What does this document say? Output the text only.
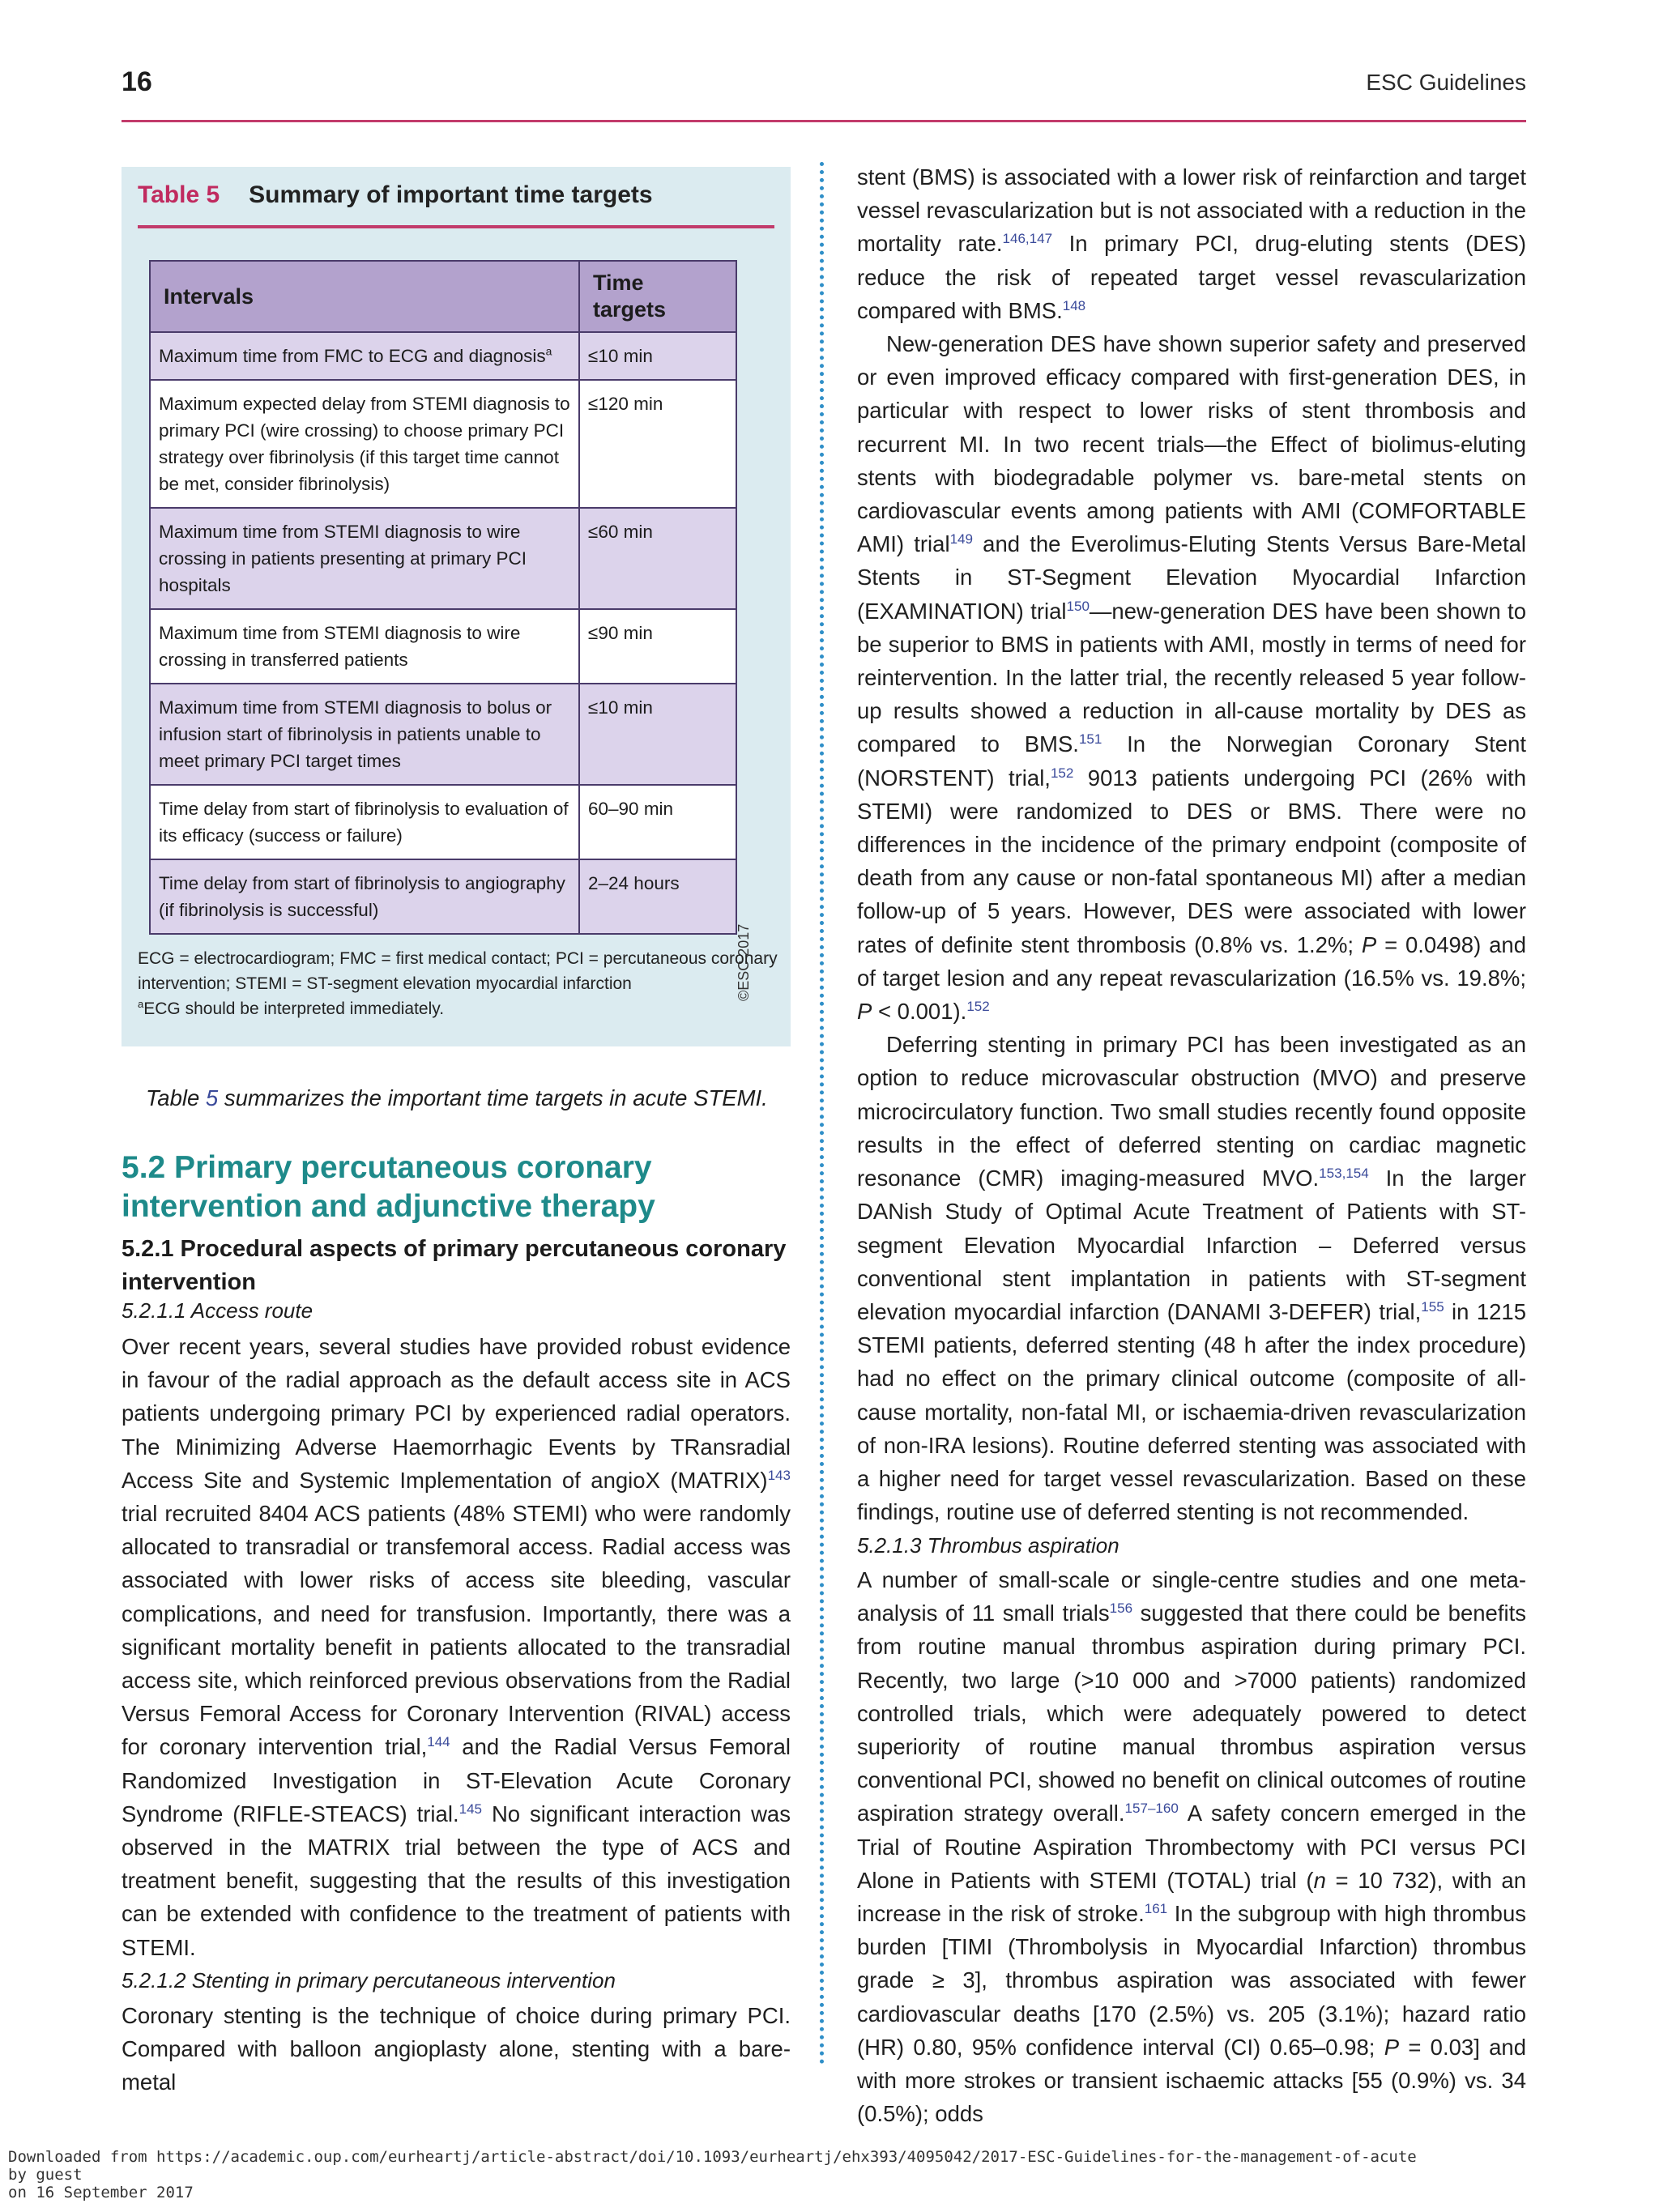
16	ESC Guidelines
Table 5 Summary of important time targets
Intervals	Time targets
Maximum time from FMC to ECG and diagnosis$^a$	≤10 min
Maximum expected delay from STEMI diagnosis to primary PCI (wire crossing) to choose primary PCI strategy over fibrinolysis (if this target time cannot be met, consider fibrinolysis)	≤120 min
Maximum time from STEMI diagnosis to wire crossing in patients presenting at primary PCI hospitals	≤60 min
Maximum time from STEMI diagnosis to wire crossing in transferred patients	≤90 min
Maximum time from STEMI diagnosis to bolus or infusion start of fibrinolysis in patients unable to meet primary PCI target times	≤10 min
Time delay from start of fibrinolysis to evaluation of its efficacy (success or failure)	60–90 min
Time delay from start of fibrinolysis to angiography (if fibrinolysis is successful)	2–24 hours
©ESC 2017

ECG = electrocardiogram; FMC = first medical contact; PCI = percutaneous coronary intervention; STEMI = ST-segment elevation myocardial infarction

$^a$ECG should be interpreted immediately.

Table 5 summarizes the important time targets in acute STEMI.
5.2 Primary percutaneous coronary intervention and adjunctive therapy
5.2.1 Procedural aspects of primary percutaneous coronary intervention
5.2.1.1 Access route

Over recent years, several studies have provided robust evidence in favour of the radial approach as the default access site in ACS patients undergoing primary PCI by experienced radial operators. The Minimizing Adverse Haemorrhagic Events by TRansradial Access Site and Systemic Implementation of angioX (MATRIX)$^{143}$ trial recruited 8404 ACS patients (48% STEMI) who were randomly allocated to transradial or transfemoral access. Radial access was associated with lower risks of access site bleeding, vascular complications, and need for transfusion. Importantly, there was a significant mortality benefit in patients allocated to the transradial access site, which reinforced previous observations from the Radial Versus Femoral Access for Coronary Intervention (RIVAL) access for coronary intervention trial,$^{144}$ and the Radial Versus Femoral Randomized Investigation in ST-Elevation Acute Coronary Syndrome (RIFLE-STEACS) trial.$^{145}$ No significant interaction was observed in the MATRIX trial between the type of ACS and treatment benefit, suggesting that the results of this investigation can be extended with confidence to the treatment of patients with STEMI.

5.2.1.2 Stenting in primary percutaneous intervention

Coronary stenting is the technique of choice during primary PCI. Compared with balloon angioplasty alone, stenting with a bare-metal

stent (BMS) is associated with a lower risk of reinfarction and target vessel revascularization but is not associated with a reduction in the mortality rate.$^{146,147}$ In primary PCI, drug-eluting stents (DES) reduce the risk of repeated target vessel revascularization compared with BMS.$^{148}$

New-generation DES have shown superior safety and preserved or even improved efficacy compared with first-generation DES, in particular with respect to lower risks of stent thrombosis and recurrent MI. In two recent trials—the Effect of biolimus-eluting stents with biodegradable polymer vs. bare-metal stents on cardiovascular events among patients with AMI (COMFORTABLE AMI) trial$^{149}$ and the Everolimus-Eluting Stents Versus Bare-Metal Stents in ST-Segment Elevation Myocardial Infarction (EXAMINATION) trial$^{150}$—new-generation DES have been shown to be superior to BMS in patients with AMI, mostly in terms of need for reintervention. In the latter trial, the recently released 5 year follow-up results showed a reduction in all-cause mortality by DES as compared to BMS.$^{151}$ In the Norwegian Coronary Stent (NORSTENT) trial,$^{152}$ 9013 patients undergoing PCI (26% with STEMI) were randomized to DES or BMS. There were no differences in the incidence of the primary endpoint (composite of death from any cause or non-fatal spontaneous MI) after a median follow-up of 5 years. However, DES were associated with lower rates of definite stent thrombosis (0.8% vs. 1.2%; P = 0.0498) and of target lesion and any repeat revascularization (16.5% vs. 19.8%; P < 0.001).$^{152}$

Deferring stenting in primary PCI has been investigated as an option to reduce microvascular obstruction (MVO) and preserve microcirculatory function. Two small studies recently found opposite results in the effect of deferred stenting on cardiac magnetic resonance (CMR) imaging-measured MVO.$^{153,154}$ In the larger DANish Study of Optimal Acute Treatment of Patients with ST-segment Elevation Myocardial Infarction – Deferred versus conventional stent implantation in patients with ST-segment elevation myocardial infarction (DANAMI 3-DEFER) trial,$^{155}$ in 1215 STEMI patients, deferred stenting (48 h after the index procedure) had no effect on the primary clinical outcome (composite of all-cause mortality, non-fatal MI, or ischaemia-driven revascularization of non-IRA lesions). Routine deferred stenting was associated with a higher need for target vessel revascularization. Based on these findings, routine use of deferred stenting is not recommended.

5.2.1.3 Thrombus aspiration

A number of small-scale or single-centre studies and one meta-analysis of 11 small trials$^{156}$ suggested that there could be benefits from routine manual thrombus aspiration during primary PCI. Recently, two large (>10 000 and >7000 patients) randomized controlled trials, which were adequately powered to detect superiority of routine manual thrombus aspiration versus conventional PCI, showed no benefit on clinical outcomes of routine aspiration strategy overall.$^{157-160}$ A safety concern emerged in the Trial of Routine Aspiration Thrombectomy with PCI versus PCI Alone in Patients with STEMI (TOTAL) trial (n = 10 732), with an increase in the risk of stroke.$^{161}$ In the subgroup with high thrombus burden [TIMI (Thrombolysis in Myocardial Infarction) thrombus grade ≥ 3], thrombus aspiration was associated with fewer cardiovascular deaths [170 (2.5%) vs. 205 (3.1%); hazard ratio (HR) 0.80, 95% confidence interval (CI) 0.65–0.98; P = 0.03] and with more strokes or transient ischaemic attacks [55 (0.9%) vs. 34 (0.5%); odds

Downloaded from https://academic.oup.com/eurheartj/article-abstract/doi/10.1093/eurheartj/ehx393/4095042/2017-ESC-Guidelines-for-the-management-of-acute
by guest
on 16 September 2017
